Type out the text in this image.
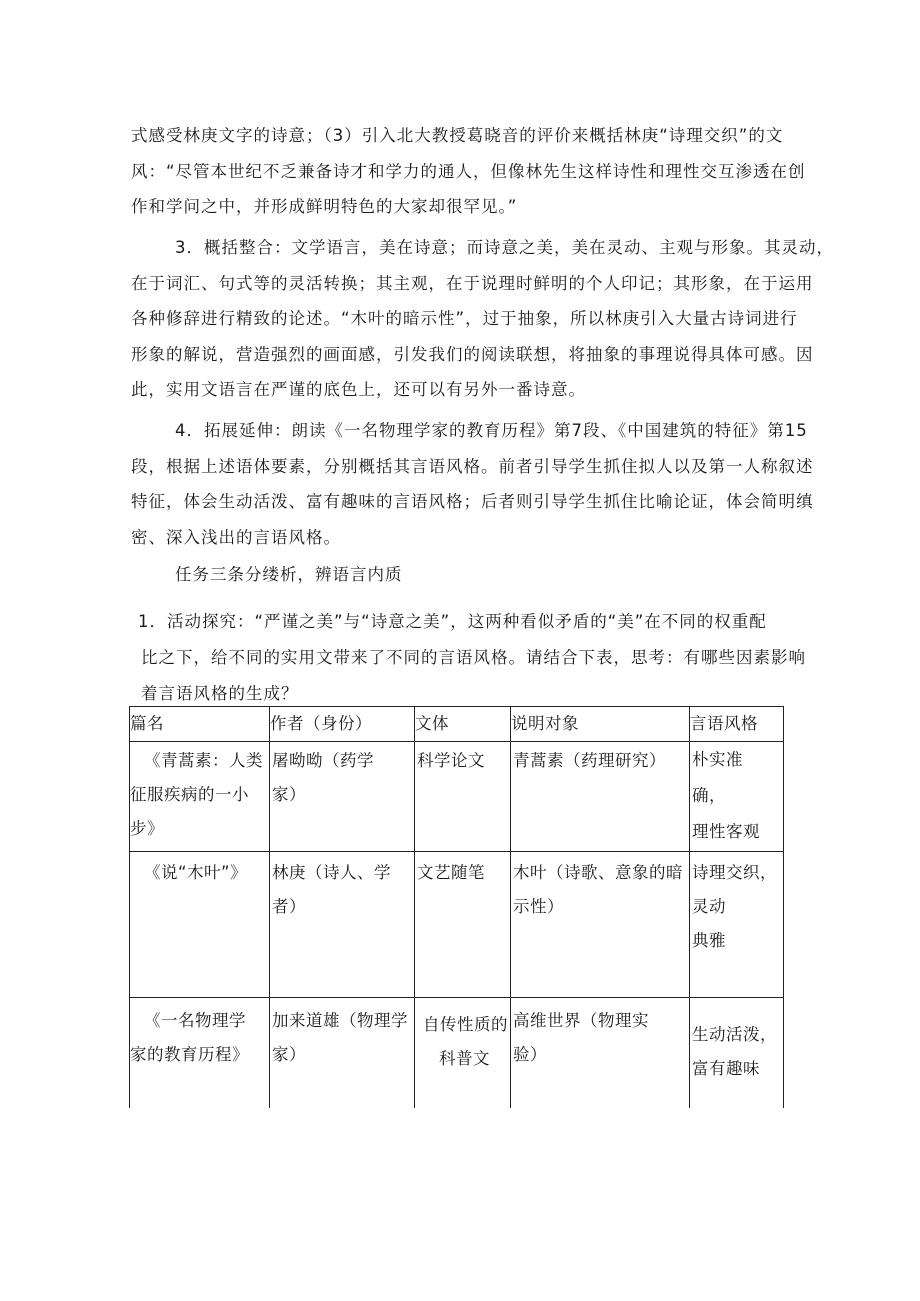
式感受林庚文字的诗意；（3）引入北大教授葛晓音的评价来概括林庚“诗理交织”的文
风：“尽管本世纪不乏兼备诗才和学力的通人，但像林先生这样诗性和理性交互渗透在创
作和学问之中，并形成鲜明特色的大家却很罕见。”
3．概括整合：文学语言，美在诗意；而诗意之美，美在灵动、主观与形象。其灵动，
在于词汇、句式等的灵活转换；其主观，在于说理时鲜明的个人印记；其形象，在于运用
各种修辞进行精致的论述。“木叶的暗示性”，过于抽象，所以林庚引入大量古诗词进行
形象的解说，营造强烈的画面感，引发我们的阅读联想，将抽象的事理说得具体可感。因
此，实用文语言在严谨的底色上，还可以有另外一番诗意。
4．拓展延伸：朗读《一名物理学家的教育历程》第7段、《中国建筑的特征》第15
段，根据上述语体要素，分别概括其言语风格。前者引导学生抓住拟人以及第一人称叙述
特征，体会生动活泼、富有趣味的言语风格；后者则引导学生抓住比喻论证，体会简明缜
密、深入浅出的言语风格。
任务三条分缕析，辨语言内质
1．活动探究：“严谨之美”与“诗意之美”，这两种看似矛盾的“美”在不同的权重配
比之下，给不同的实用文带来了不同的言语风格。请结合下表，思考：有哪些因素影响
着言语风格的生成？
篇名	作者（身份）	文体	说明对象	言语风格

《青蒿素：人类
征服疾病的一小
步》	屠呦呦（药学
家）	科学论文	青蒿素（药理研究）	朴实准
确，
理性客观

《说“木叶”》	林庚（诗人、学
者）	文艺随笔	木叶（诗歌、意象的暗
示性）	诗理交织，
灵动
典雅

《一名物理学
家的教育历程》	加来道雄（物理学
家）	自传性质的
科普文	高维世界（物理实
验）	生动活泼，
富有趣味
